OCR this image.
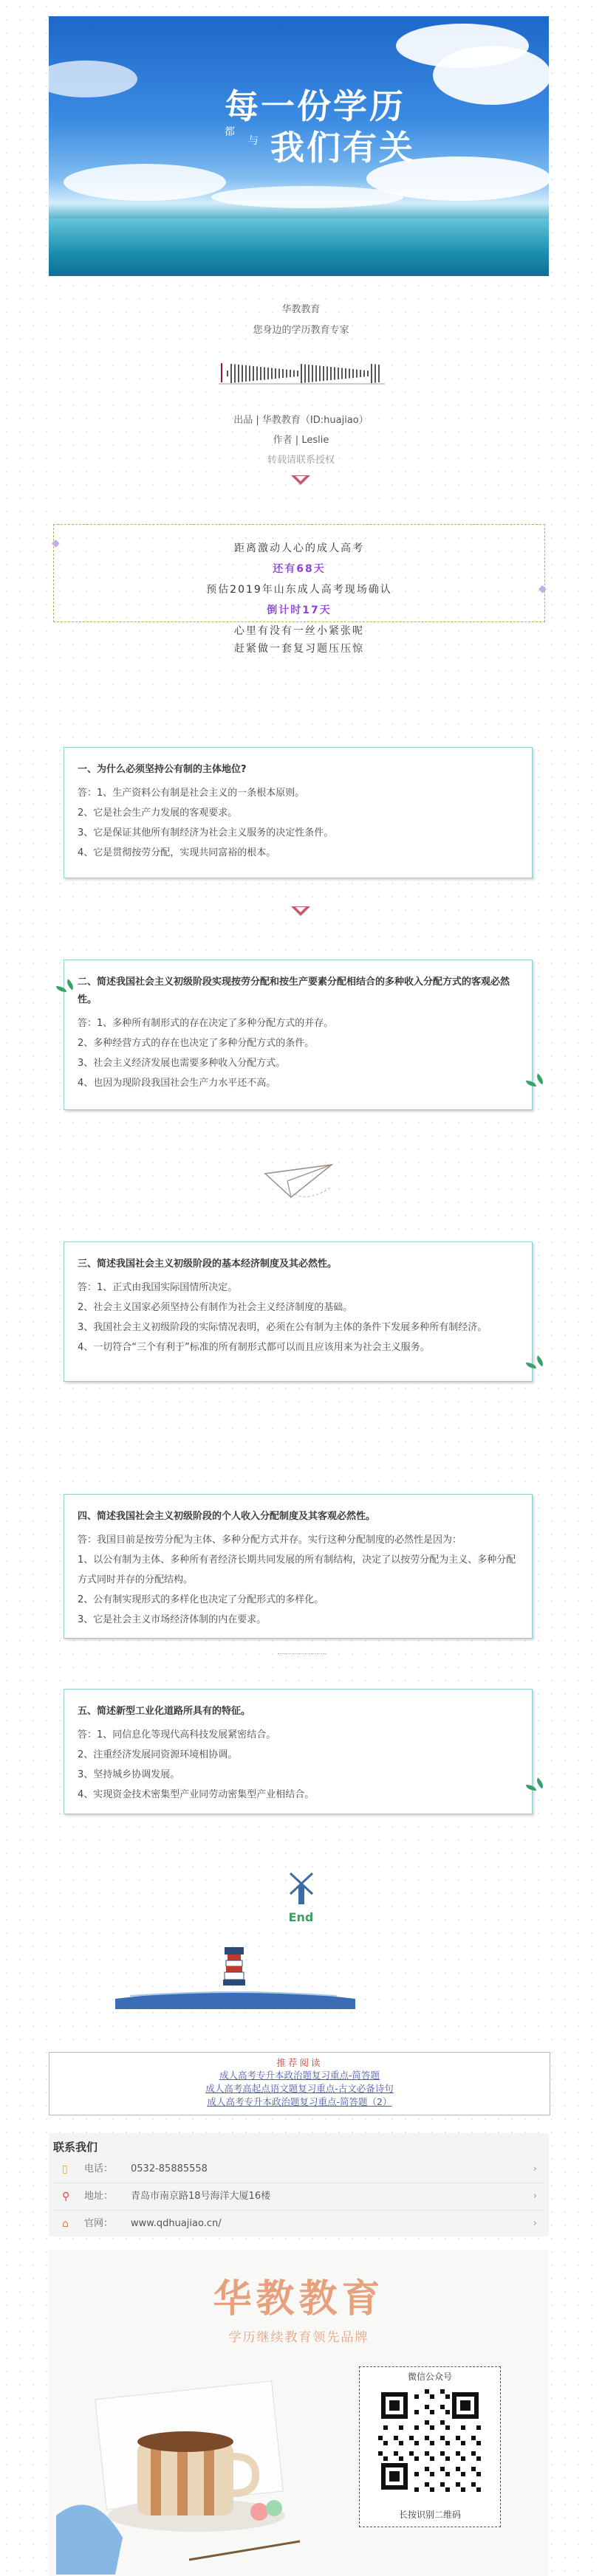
每一份学历
都
与 我们有关
华教教育
您身边的学历教育专家
出品 | 华教教育（ID:huajiao）
作者 | Leslie
转载请联系授权
距离激动人心的成人高考
还有68天
预估2019年山东成人高考现场确认
倒计时17天
心里有没有一丝小紧张呢
赶紧做一套复习题压压惊
◆
◆
一、为什么必须坚持公有制的主体地位?
答：1、生产资料公有制是社会主义的一条根本原则。
2、它是社会生产力发展的客观要求。
3、它是保证其他所有制经济为社会主义服务的决定性条件。
4、它是贯彻按劳分配，实现共同富裕的根本。
二、简述我国社会主义初级阶段实现按劳分配和按生产要素分配相结合的多种收入分配方式的客观必然性。
答：1、多种所有制形式的存在决定了多种分配方式的并存。
2、多种经营方式的存在也决定了多种分配方式的条件。
3、社会主义经济发展也需要多种收入分配方式。
4、也因为现阶段我国社会生产力水平还不高。
三、简述我国社会主义初级阶段的基本经济制度及其必然性。
答：1、正式由我国实际国情所决定。
2、社会主义国家必须坚持公有制作为社会主义经济制度的基础。
3、我国社会主义初级阶段的实际情况表明，必须在公有制为主体的条件下发展多种所有制经济。
4、一切符合“三个有利于”标准的所有制形式都可以而且应该用来为社会主义服务。
四、简述我国社会主义初级阶段的个人收入分配制度及其客观必然性。
答：我国目前是按劳分配为主体、多种分配方式并存。实行这种分配制度的必然性是因为：
1、以公有制为主体、多种所有者经济长期共同发展的所有制结构，决定了以按劳分配为主义、多种分配方式同时并存的分配结构。
2、公有制实现形式的多样化也决定了分配形式的多样化。
3、它是社会主义市场经济体制的内在要求。
五、简述新型工业化道路所具有的特征。
答：1、同信息化等现代高科技发展紧密结合。
2、注重经济发展同资源环境相协调。
3、坚持城乡协调发展。
4、实现资金技术密集型产业同劳动密集型产业相结合。
End
推荐阅读
成人高考专升本政治题复习重点-简答题
成人高考高起点语文题复习重点-古文必备诗句
成人高考专升本政治题复习重点-简答题（2）
联系我们
▯ 电话： 0532-85885558	›
⚲ 地址： 青岛市南京路18号海洋大厦16楼	›
⌂ 官网： www.qdhuajiao.cn/	›
华教教育
学历继续教育领先品牌
微信公众号
长按识别二维码
